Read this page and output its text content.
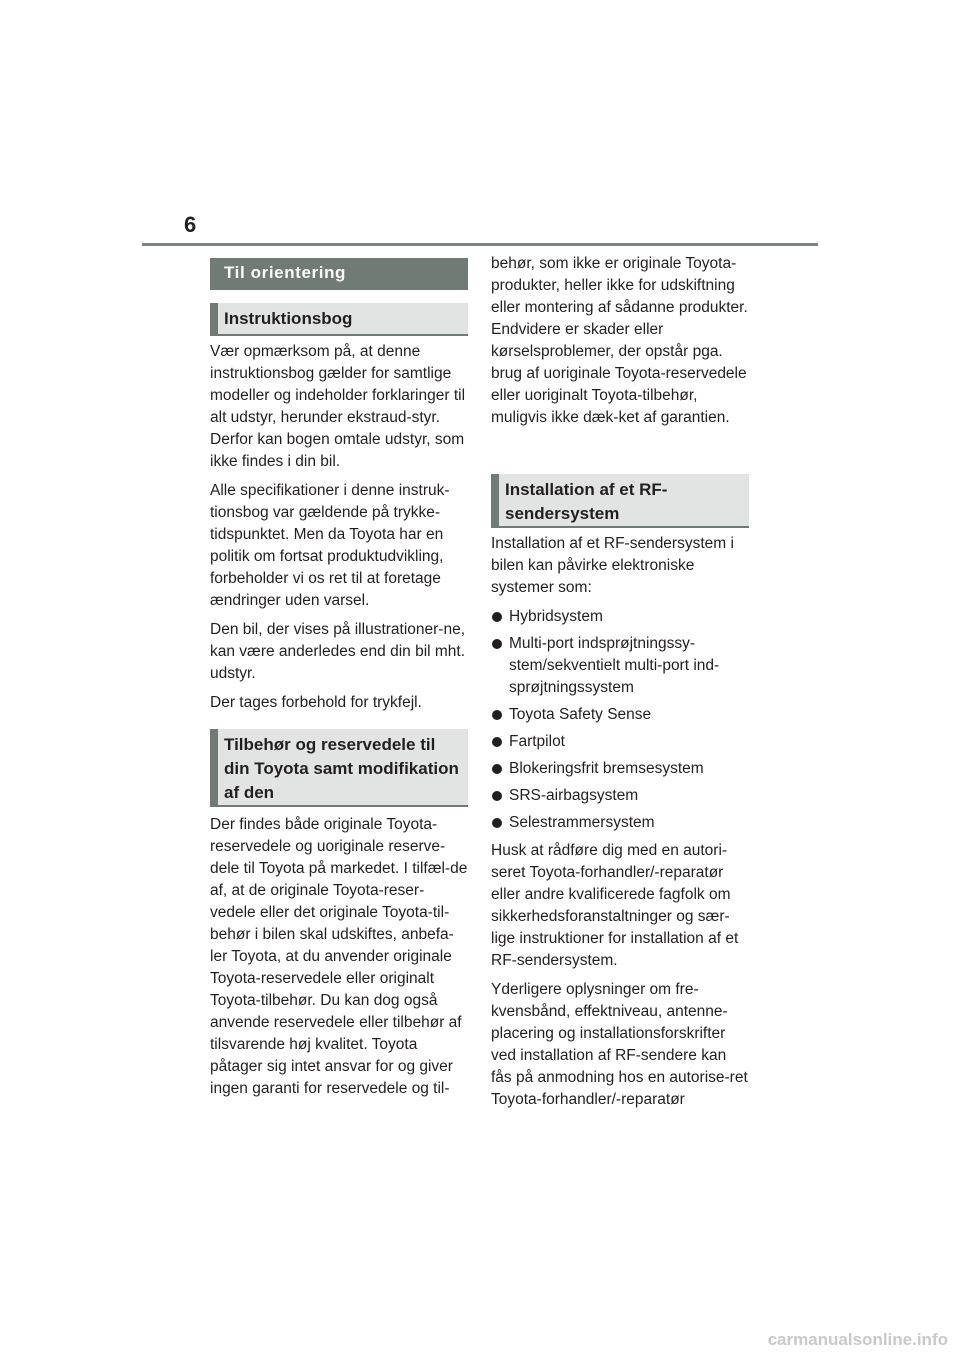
6
Til orientering
Instruktionsbog

Vær opmærksom på, at denne instruktionsbog gælder for samtlige modeller og indeholder forklaringer til alt udstyr, herunder ekstraud-styr. Derfor kan bogen omtale udstyr, som ikke findes i din bil.

Alle specifikationer i denne instruk-tionsbog var gældende på trykke-tidspunktet. Men da Toyota har en politik om fortsat produktudvikling, forbeholder vi os ret til at foretage ændringer uden varsel.

Den bil, der vises på illustrationer-ne, kan være anderledes end din bil mht. udstyr.

Der tages forbehold for trykfejl.

Tilbehør og reservedele til din Toyota samt modifikation af den

Der findes både originale Toyota-reservedele og uoriginale reserve-dele til Toyota på markedet. I tilfæl-de af, at de originale Toyota-reser-vedele eller det originale Toyota-til-behør i bilen skal udskiftes, anbefa-ler Toyota, at du anvender originale Toyota-reservedele eller originalt Toyota-tilbehør. Du kan dog også anvende reservedele eller tilbehør af tilsvarende høj kvalitet. Toyota påtager sig intet ansvar for og giver ingen garanti for reservedele og til-

behør, som ikke er originale Toyota-produkter, heller ikke for udskiftning eller montering af sådanne produkter. Endvidere er skader eller kørselsproblemer, der opstår pga. brug af uoriginale Toyota-reservedele eller uoriginalt Toyota-tilbehør, muligvis ikke dæk-ket af garantien.

Installation af et RF-sendersystem

Installation af et RF-sendersystem i bilen kan påvirke elektroniske systemer som:

Hybridsystem
Multi-port indsprøjtningssy-stem/sekventielt multi-port ind-sprøjtningssystem
Toyota Safety Sense
Fartpilot
Blokeringsfrit bremsesystem
SRS-airbagsystem
Selestrammersystem

Husk at rådføre dig med en autori-seret Toyota-forhandler/-reparatør eller andre kvalificerede fagfolk om sikkerhedsforanstaltninger og sær-lige instruktioner for installation af et RF-sendersystem.

Yderligere oplysninger om fre-kvensbånd, effektniveau, antenne-placering og installationsforskrifter ved installation af RF-sendere kan fås på anmodning hos en autorise-ret Toyota-forhandler/-reparatør

carmanualsonline.info
